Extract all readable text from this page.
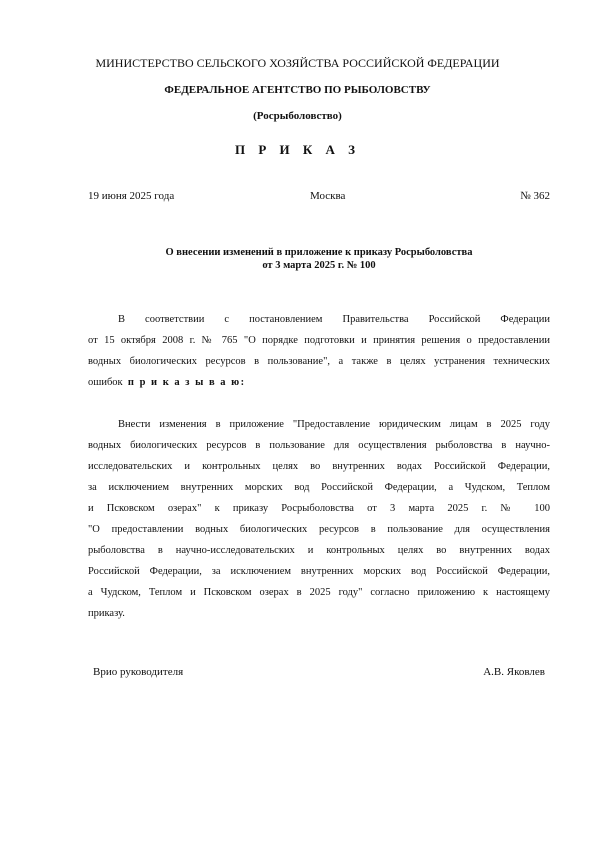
МИНИСТЕРСТВО СЕЛЬСКОГО ХОЗЯЙСТВА РОССИЙСКОЙ ФЕДЕРАЦИИ
ФЕДЕРАЛЬНОЕ АГЕНТСТВО ПО РЫБОЛОВСТВУ
(Росрыболовство)
П Р И К А З
19 июня 2025 года	Москва	№ 362
О внесении изменений в приложение к приказу Росрыболовства
от 3 марта 2025 г. № 100
В соответствии с постановлением Правительства Российской Федерации
от 15 октября 2008 г. № 765 "О порядке подготовки и принятия решения о предоставлении
водных биологических ресурсов в пользование", а также в целях устранения технических
ошибок п р и к а з ы в а ю:
Внести изменения в приложение "Предоставление юридическим лицам в 2025 году
водных биологических ресурсов в пользование для осуществления рыболовства в научно-
исследовательских и контрольных целях во внутренних водах Российской Федерации,
за исключением внутренних морских вод Российской Федерации, а Чудском, Теплом
и Псковском озерах" к приказу Росрыболовства от 3 марта 2025 г. № 100
"О предоставлении водных биологических ресурсов в пользование для осуществления
рыболовства в научно-исследовательских и контрольных целях во внутренних водах
Российской Федерации, за исключением внутренних морских вод Российской Федерации,
а Чудском, Теплом и Псковском озерах в 2025 году" согласно приложению к настоящему
приказу.
Врио руководителя	А.В. Яковлев
